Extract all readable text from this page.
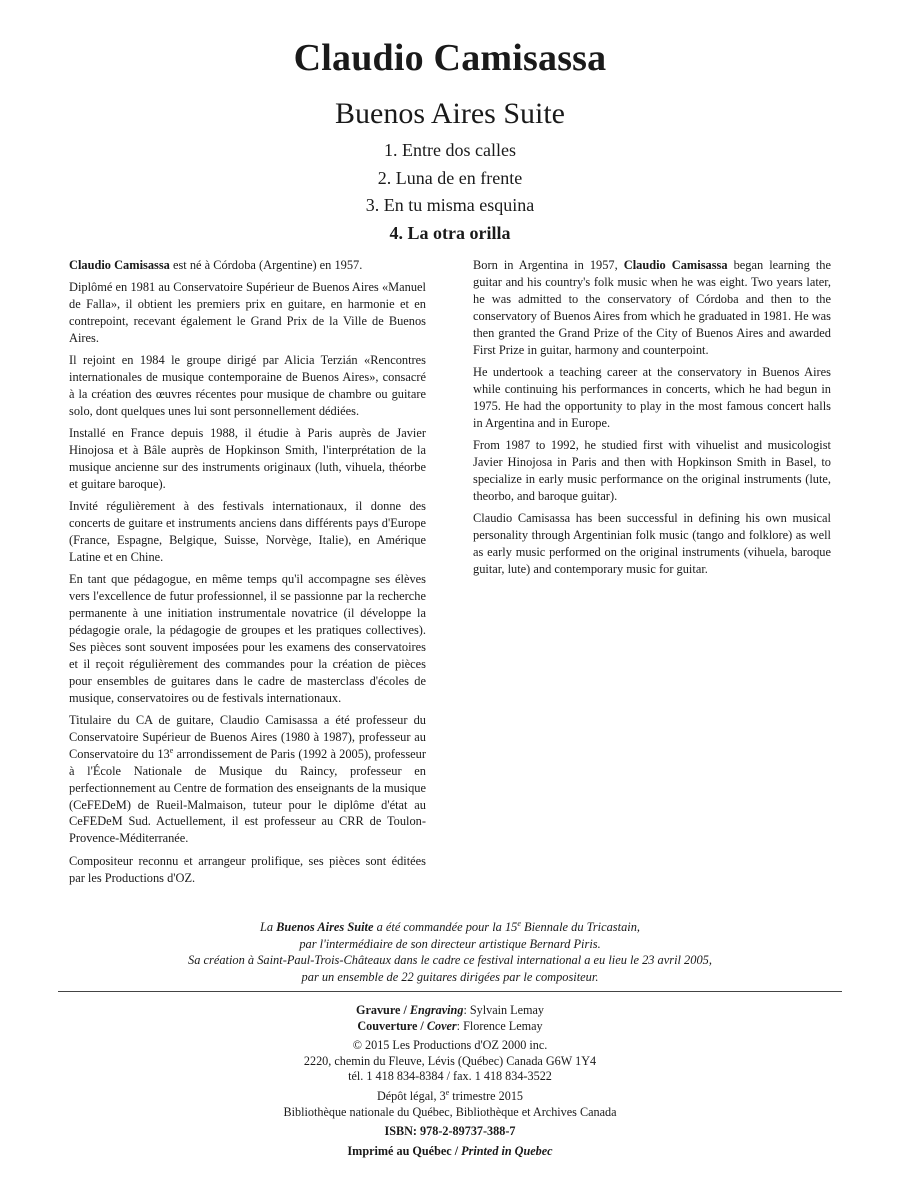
Claudio Camisassa
Buenos Aires Suite
1. Entre dos calles
2. Luna de en frente
3. En tu misma esquina
4. La otra orilla

Claudio Camisassa est né à Córdoba (Argentine) en 1957.

Diplômé en 1981 au Conservatoire Supérieur de Buenos Aires «Manuel de Falla», il obtient les premiers prix en guitare, en harmonie et en contrepoint, recevant également le Grand Prix de la Ville de Buenos Aires.

Il rejoint en 1984 le groupe dirigé par Alicia Terzián «Rencontres internationales de musique contemporaine de Buenos Aires», consacré à la création des œuvres récentes pour musique de chambre ou guitare solo, dont quelques unes lui sont personnellement dédiées.

Installé en France depuis 1988, il étudie à Paris auprès de Javier Hinojosa et à Bâle auprès de Hopkinson Smith, l'interprétation de la musique ancienne sur des instruments originaux (luth, vihuela, théorbe et guitare baroque).

Invité régulièrement à des festivals internationaux, il donne des concerts de guitare et instruments anciens dans différents pays d'Europe (France, Espagne, Belgique, Suisse, Norvège, Italie), en Amérique Latine et en Chine.

En tant que pédagogue, en même temps qu'il accompagne ses élèves vers l'excellence de futur professionnel, il se passionne par la recherche permanente à une initiation instrumentale novatrice (il développe la pédagogie orale, la pédagogie de groupes et les pratiques collectives). Ses pièces sont souvent imposées pour les examens des conservatoires et il reçoit régulièrement des commandes pour la création de pièces pour ensembles de guitares dans le cadre de masterclass d'écoles de musique, conservatoires ou de festivals internationaux.

Titulaire du CA de guitare, Claudio Camisassa a été professeur du Conservatoire Supérieur de Buenos Aires (1980 à 1987), professeur au Conservatoire du 13e arrondissement de Paris (1992 à 2005), professeur à l'École Nationale de Musique du Raincy, professeur en perfectionnement au Centre de formation des enseignants de la musique (CeFEDeM) de Rueil-Malmaison, tuteur pour le diplôme d'état au CeFEDeM Sud. Actuellement, il est professeur au CRR de Toulon-Provence-Méditerranée.

Compositeur reconnu et arrangeur prolifique, ses pièces sont éditées par les Productions d'OZ.

Born in Argentina in 1957, Claudio Camisassa began learning the guitar and his country's folk music when he was eight. Two years later, he was admitted to the conservatory of Córdoba and then to the conservatory of Buenos Aires from which he graduated in 1981. He was then granted the Grand Prize of the City of Buenos Aires and awarded First Prize in guitar, harmony and counterpoint.

He undertook a teaching career at the conservatory in Buenos Aires while continuing his performances in concerts, which he had begun in 1975. He had the opportunity to play in the most famous concert halls in Argentina and in Europe.

From 1987 to 1992, he studied first with vihuelist and musicologist Javier Hinojosa in Paris and then with Hopkinson Smith in Basel, to specialize in early music performance on the original instruments (lute, theorbo, and baroque guitar).

Claudio Camisassa has been successful in defining his own musical personality through Argentinian folk music (tango and folklore) as well as early music performed on the original instruments (vihuela, baroque guitar, lute) and contemporary music for guitar.

La Buenos Aires Suite a été commandée pour la 15e Biennale du Tricastain,
par l'intermédiaire de son directeur artistique Bernard Piris.
Sa création à Saint-Paul-Trois-Châteaux dans le cadre ce festival international a eu lieu le 23 avril 2005,
par un ensemble de 22 guitares dirigées par le compositeur.
Gravure / Engraving: Sylvain Lemay
Couverture / Cover: Florence Lemay
© 2015 Les Productions d'OZ 2000 inc.
2220, chemin du Fleuve, Lévis (Québec) Canada G6W 1Y4
tél. 1 418 834-8384 / fax. 1 418 834-3522
Dépôt légal, 3e trimestre 2015
Bibliothèque nationale du Québec, Bibliothèque et Archives Canada
ISBN: 978-2-89737-388-7
Imprimé au Québec / Printed in Quebec
